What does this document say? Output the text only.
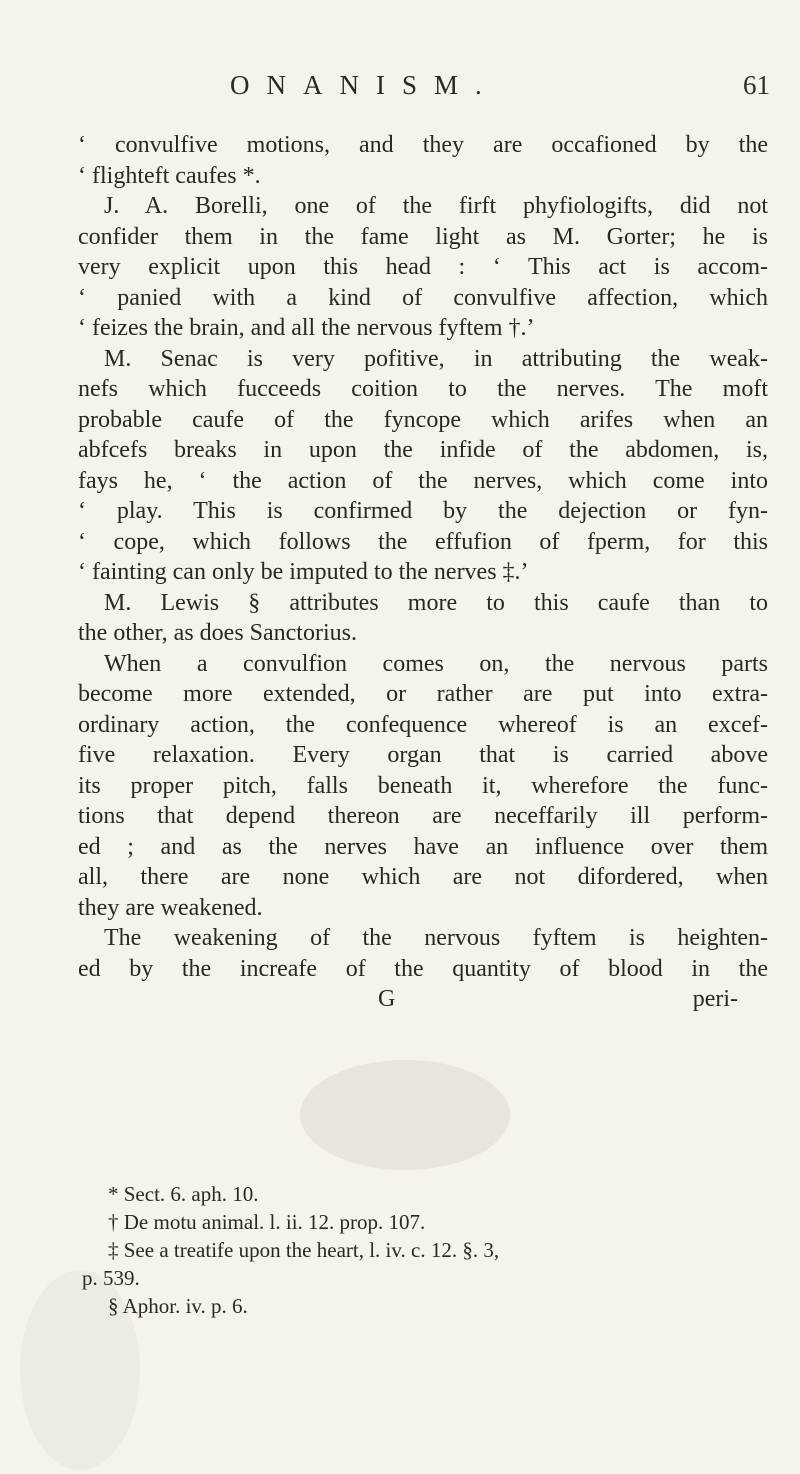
ONANISM.	61
‘ convulfive motions, and they are occafioned by the
‘ flighteft caufes *.
J. A. Borelli, one of the firft phyfiologifts, did not
confider them in the fame light as M. Gorter; he is
very explicit upon this head : ‘ This act is accom-
‘ panied with a kind of convulfive affection, which
‘ feizes the brain, and all the nervous fyftem †.’
M. Senac is very pofitive, in attributing the weak-
nefs which fucceeds coition to the nerves. The moft
probable caufe of the fyncope which arifes when an
abfcefs breaks in upon the infide of the abdomen, is,
fays he, ‘ the action of the nerves, which come into
‘ play. This is confirmed by the dejection or fyn-
‘ cope, which follows the effufion of fperm, for this
‘ fainting can only be imputed to the nerves ‡.’
M. Lewis § attributes more to this caufe than to
the other, as does Sanctorius.
When a convulfion comes on, the nervous parts
become more extended, or rather are put into extra-
ordinary action, the confequence whereof is an excef-
five relaxation. Every organ that is carried above
its proper pitch, falls beneath it, wherefore the func-
tions that depend thereon are neceffarily ill perform-
ed ; and as the nerves have an influence over them
all, there are none which are not difordered, when
they are weakened.
The weakening of the nervous fyftem is heighten-
ed by the increafe of the quantity of blood in the
G	peri-
* Sect. 6. aph. 10.
† De motu animal. l. ii. 12. prop. 107.
‡ See a treatife upon the heart, l. iv. c. 12. §. 3,
p. 539.
§ Aphor. iv. p. 6.
